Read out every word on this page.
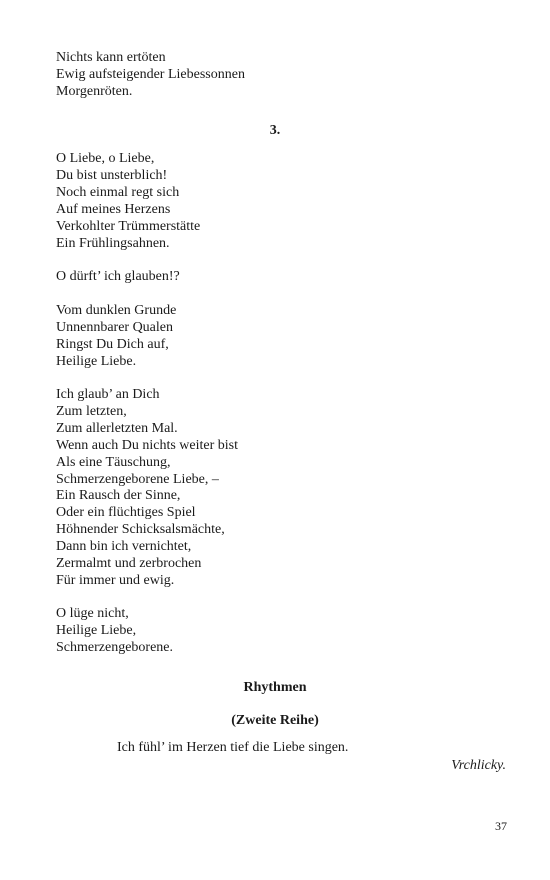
Nichts kann ertöten
Ewig aufsteigender Liebessonnen
Morgenröten.
3.
O Liebe, o Liebe,
Du bist unsterblich!
Noch einmal regt sich
Auf meines Herzens
Verkohlter Trümmerstätte
Ein Frühlingsahnen.
O dürft’ ich glauben!?
Vom dunklen Grunde
Unnennbarer Qualen
Ringst Du Dich auf,
Heilige Liebe.
Ich glaub’ an Dich
Zum letzten,
Zum allerletzten Mal.
Wenn auch Du nichts weiter bist
Als eine Täuschung,
Schmerzengeborene Liebe, –
Ein Rausch der Sinne,
Oder ein flüchtiges Spiel
Höhnender Schicksalsmächte,
Dann bin ich vernichtet,
Zermalmt und zerbrochen
Für immer und ewig.
O lüge nicht,
Heilige Liebe,
Schmerzengeborene.
Rhythmen
(Zweite Reihe)
Ich fühl’ im Herzen tief die Liebe singen.
Vrchlicky.
37
